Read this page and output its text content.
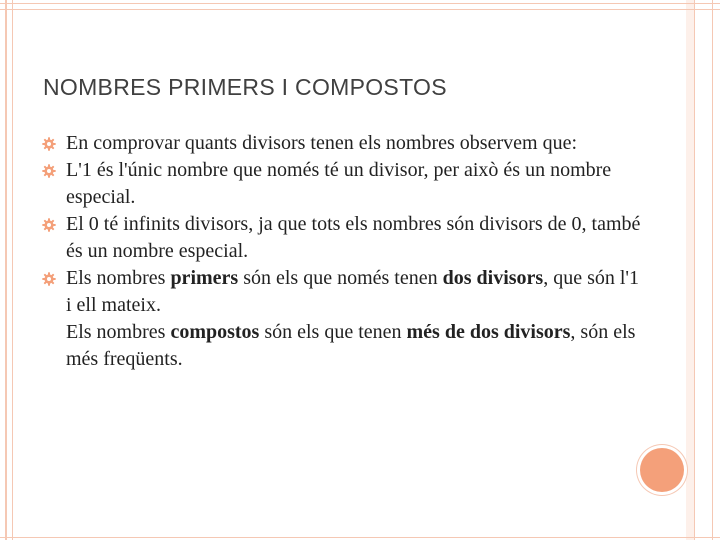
NOMBRES PRIMERS I COMPOSTOS
En comprovar quants divisors tenen els nombres observem que:
L'1 és l'únic nombre que només té un divisor, per això és un nombre especial.
El 0 té infinits divisors, ja que tots els nombres són divisors de 0, també és un nombre especial.
Els nombres primers són els que només tenen dos divisors, que són l'1 i ell mateix.
Els nombres compostos són els que tenen més de dos divisors, són els més freqüents.
